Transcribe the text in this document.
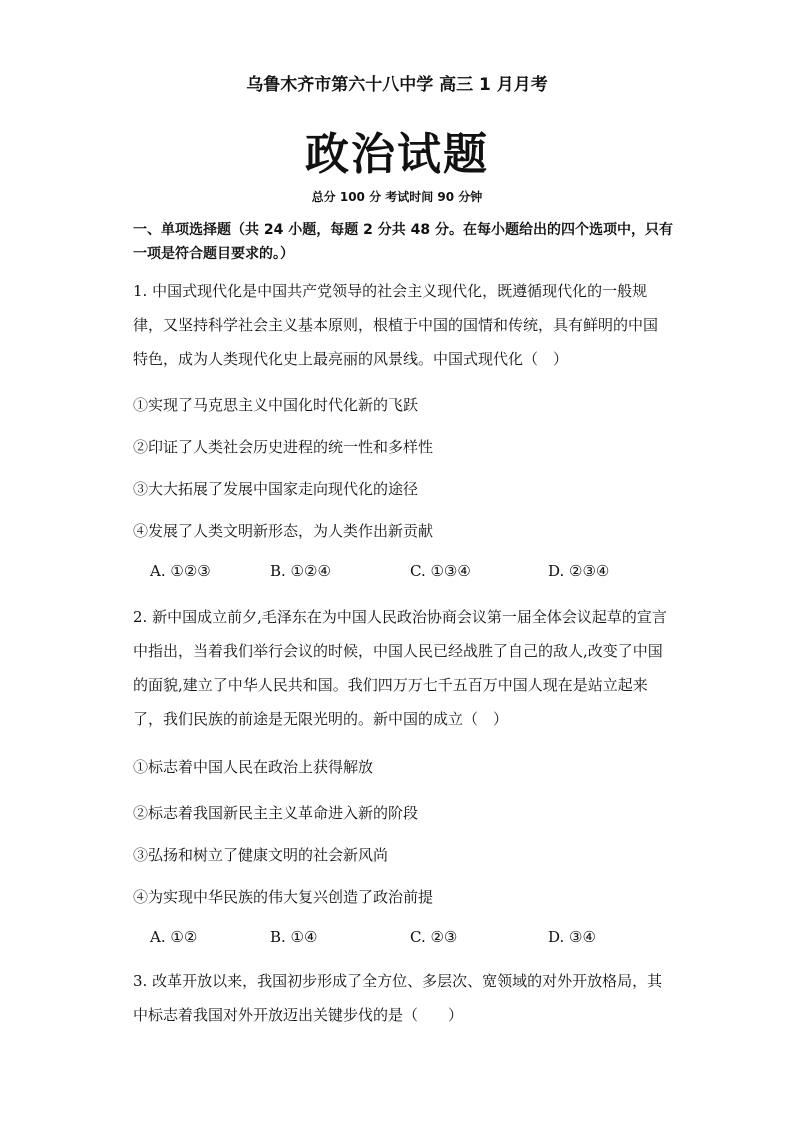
乌鲁木齐市第六十八中学 高三 1 月月考
政治试题
总分 100 分 考试时间 90 分钟
一、单项选择题（共 24 小题，每题 2 分共 48 分。在每小题给出的四个选项中，只有一项是符合题目要求的。）

1. 中国式现代化是中国共产党领导的社会主义现代化，既遵循现代化的一般规律，又坚持科学社会主义基本原则，根植于中国的国情和传统，具有鲜明的中国特色，成为人类现代化史上最亮丽的风景线。中国式现代化（　）

①实现了马克思主义中国化时代化新的飞跃
②印证了人类社会历史进程的统一性和多样性
③大大拓展了发展中国家走向现代化的途径
④发展了人类文明新形态，为人类作出新贡献
A. ①②③	B. ①②④	C. ①③④	D. ②③④

2. 新中国成立前夕,毛泽东在为中国人民政治协商会议第一届全体会议起草的宣言中指出，当着我们举行会议的时候，中国人民已经战胜了自己的敌人,改变了中国的面貌,建立了中华人民共和国。我们四万万七千五百万中国人现在是站立起来了，我们民族的前途是无限光明的。新中国的成立（　）

①标志着中国人民在政治上获得解放
②标志着我国新民主主义革命进入新的阶段
③弘扬和树立了健康文明的社会新风尚
④为实现中华民族的伟大复兴创造了政治前提
A. ①②	B. ①④	C. ②③	D. ③④

3. 改革开放以来，我国初步形成了全方位、多层次、宽领域的对外开放格局，其中标志着我国对外开放迈出关键步伐的是（　　）
